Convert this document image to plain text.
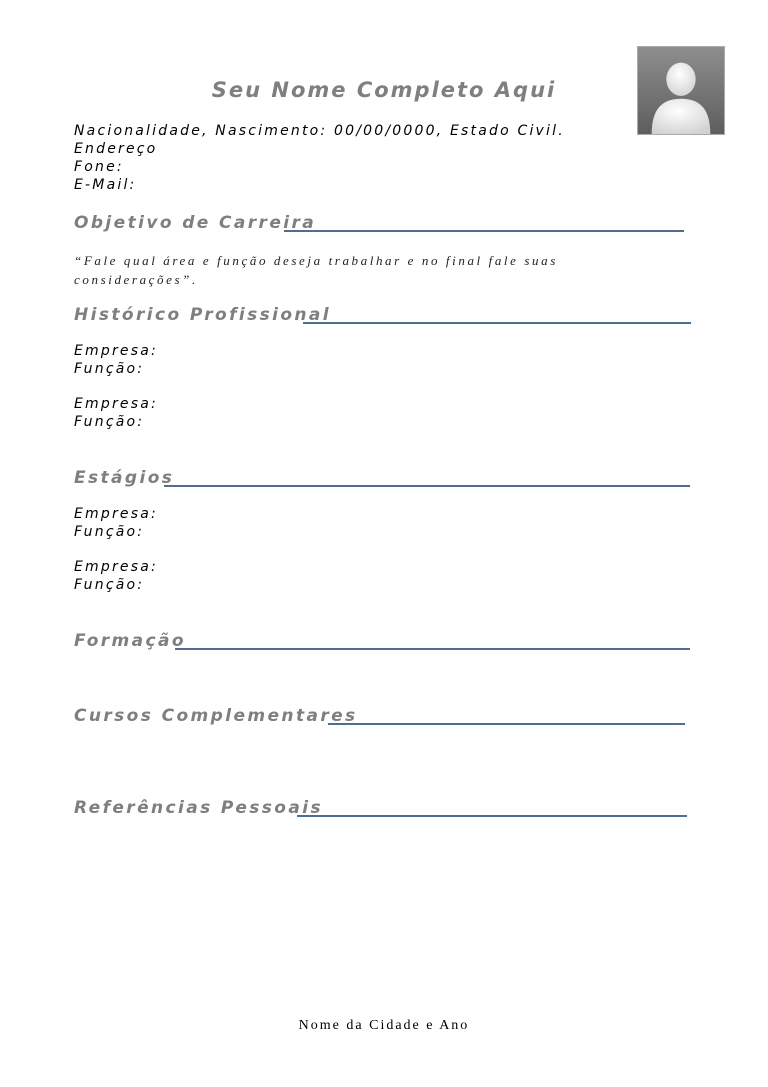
Seu Nome Completo Aqui
Nacionalidade, Nascimento: 00/00/0000, Estado Civil.
Endereço
Fone:
E-Mail:
Objetivo de Carreira
“Fale qual área e função deseja trabalhar e no final fale suas considerações”.
Histórico Profissional
Empresa:
Função:
Empresa:
Função:
Estágios
Empresa:
Função:
Empresa:
Função:
Formação
Cursos Complementares
Referências Pessoais
Nome da Cidade e Ano
